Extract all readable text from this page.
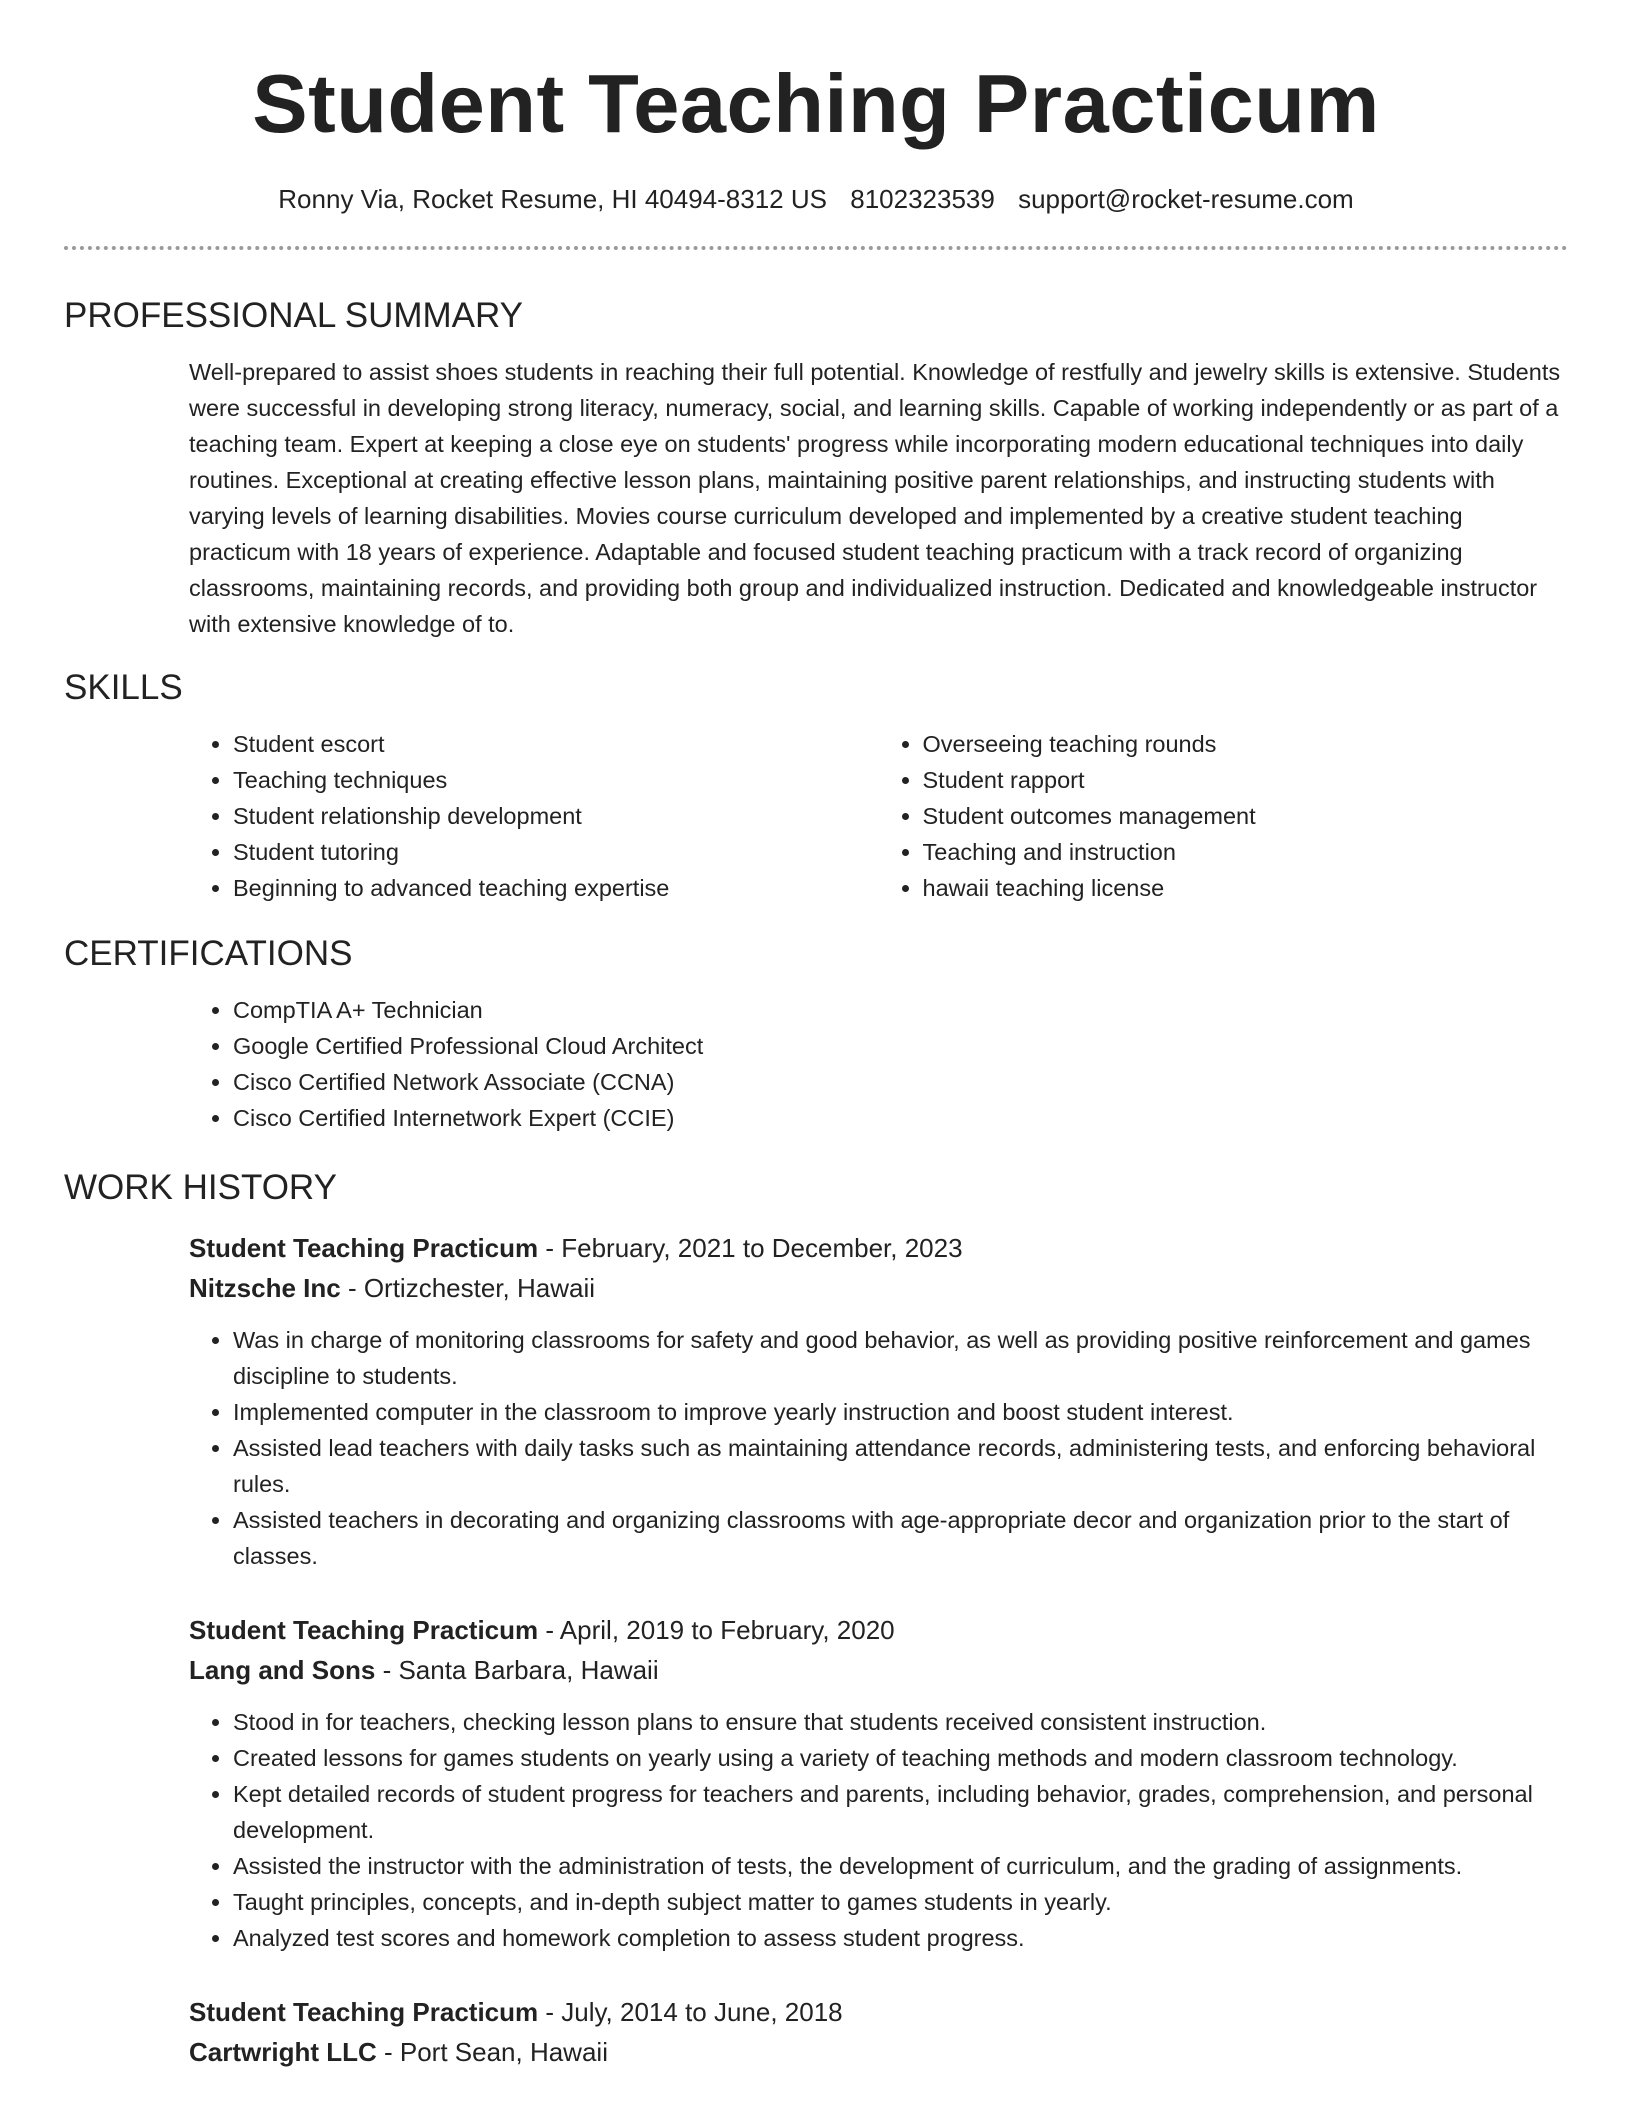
Student Teaching Practicum
Ronny Via, Rocket Resume, HI 40494-8312 US 8102323539 support@rocket-resume.com
PROFESSIONAL SUMMARY

Well-prepared to assist shoes students in reaching their full potential. Knowledge of restfully and jewelry skills is extensive. Students were successful in developing strong literacy, numeracy, social, and learning skills. Capable of working independently or as part of a teaching team. Expert at keeping a close eye on students' progress while incorporating modern educational techniques into daily routines. Exceptional at creating effective lesson plans, maintaining positive parent relationships, and instructing students with varying levels of learning disabilities. Movies course curriculum developed and implemented by a creative student teaching practicum with 18 years of experience. Adaptable and focused student teaching practicum with a track record of organizing classrooms, maintaining records, and providing both group and individualized instruction. Dedicated and knowledgeable instructor with extensive knowledge of to.

SKILLS
• Student escort
• Teaching techniques
• Student relationship development
• Student tutoring
• Beginning to advanced teaching expertise
• Overseeing teaching rounds
• Student rapport
• Student outcomes management
• Teaching and instruction
• hawaii teaching license
CERTIFICATIONS
• CompTIA A+ Technician
• Google Certified Professional Cloud Architect
• Cisco Certified Network Associate (CCNA)
• Cisco Certified Internetwork Expert (CCIE)
WORK HISTORY
Student Teaching Practicum - February, 2021 to December, 2023
Nitzsche Inc - Ortizchester, Hawaii
• Was in charge of monitoring classrooms for safety and good behavior, as well as providing positive reinforcement and games discipline to students.
• Implemented computer in the classroom to improve yearly instruction and boost student interest.
• Assisted lead teachers with daily tasks such as maintaining attendance records, administering tests, and enforcing behavioral rules.
• Assisted teachers in decorating and organizing classrooms with age-appropriate decor and organization prior to the start of classes.
Student Teaching Practicum - April, 2019 to February, 2020
Lang and Sons - Santa Barbara, Hawaii
• Stood in for teachers, checking lesson plans to ensure that students received consistent instruction.
• Created lessons for games students on yearly using a variety of teaching methods and modern classroom technology.
• Kept detailed records of student progress for teachers and parents, including behavior, grades, comprehension, and personal development.
• Assisted the instructor with the administration of tests, the development of curriculum, and the grading of assignments.
• Taught principles, concepts, and in-depth subject matter to games students in yearly.
• Analyzed test scores and homework completion to assess student progress.
Student Teaching Practicum - July, 2014 to June, 2018
Cartwright LLC - Port Sean, Hawaii
